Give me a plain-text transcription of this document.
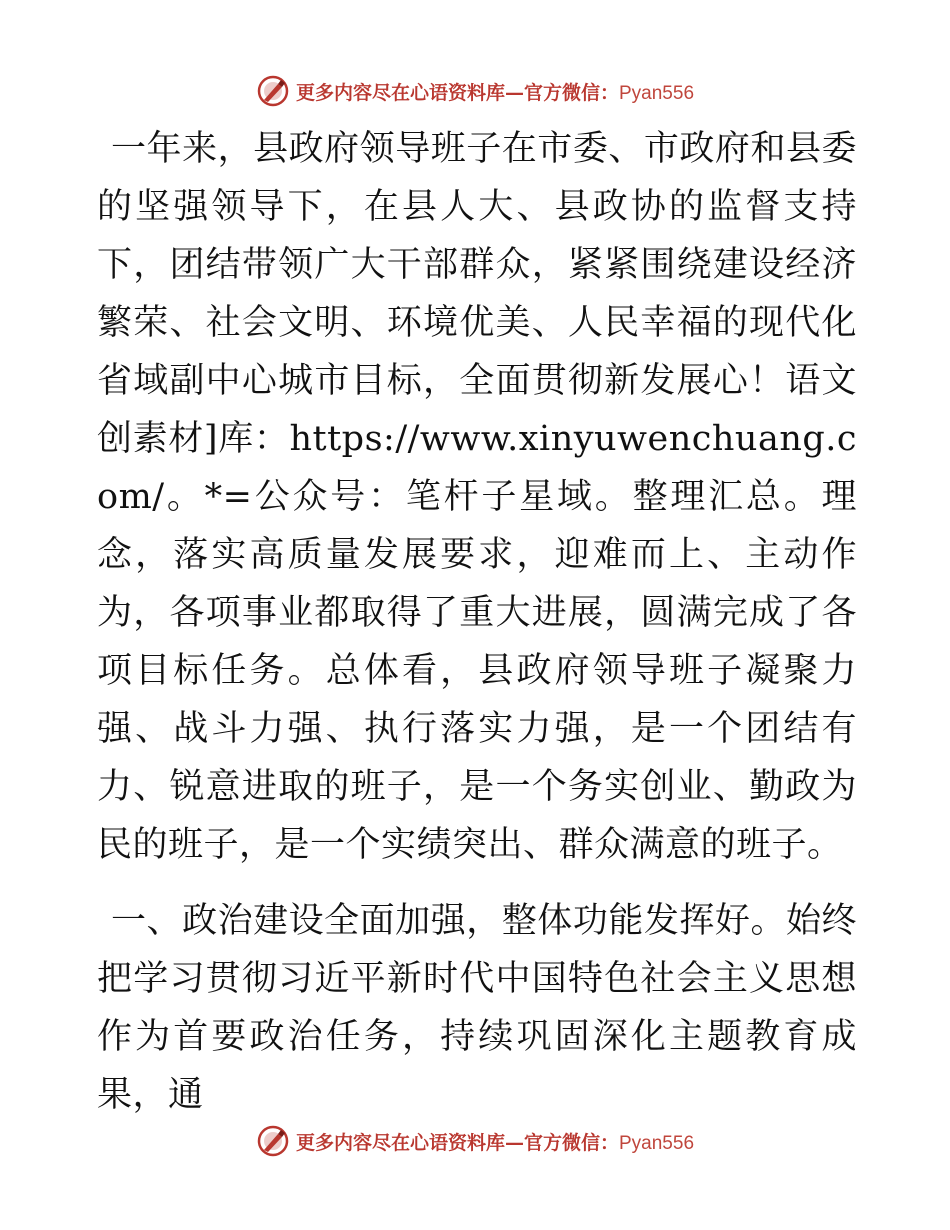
更多内容尽在心语资料库—官方微信：Pyan556

一年来，县政府领导班子在市委、市政府和县委的坚强领导下，在县人大、县政协的监督支持下，团结带领广大干部群众，紧紧围绕建设经济繁荣、社会文明、环境优美、人民幸福的现代化省域副中心城市目标，全面贯彻新发展心！语文创素材]库：https://www.xinyuwenchuang.com/。*=公众号：笔杆子星域。整理汇总。理念，落实高质量发展要求，迎难而上、主动作为，各项事业都取得了重大进展，圆满完成了各项目标任务。总体看，县政府领导班子凝聚力强、战斗力强、执行落实力强，是一个团结有力、锐意进取的班子，是一个务实创业、勤政为民的班子，是一个实绩突出、群众满意的班子。

一、政治建设全面加强，整体功能发挥好。始终把学习贯彻习近平新时代中国特色社会主义思想作为首要政治任务，持续巩固深化主题教育成果，通

更多内容尽在心语资料库—官方微信：Pyan556
